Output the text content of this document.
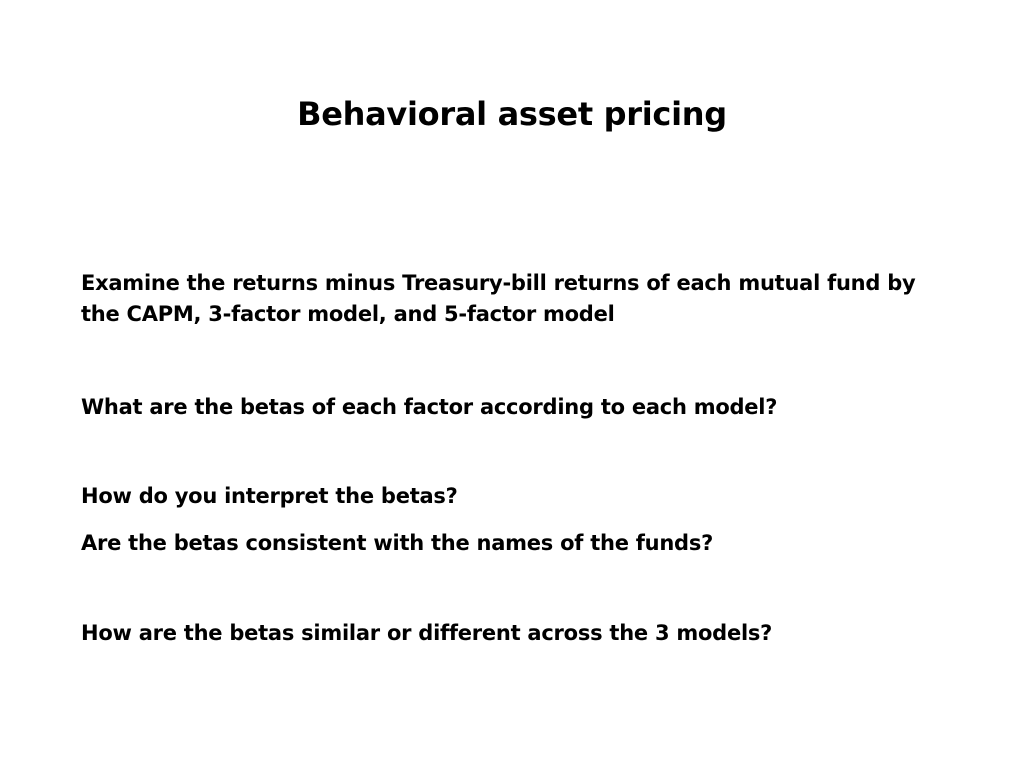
Behavioral asset pricing

Examine the returns minus Treasury-bill returns of each mutual fund by the CAPM, 3-factor model, and 5-factor model

What are the betas of each factor according to each model?

How do you interpret the betas?

Are the betas consistent with the names of the funds?

How are the betas similar or different across the 3 models?
